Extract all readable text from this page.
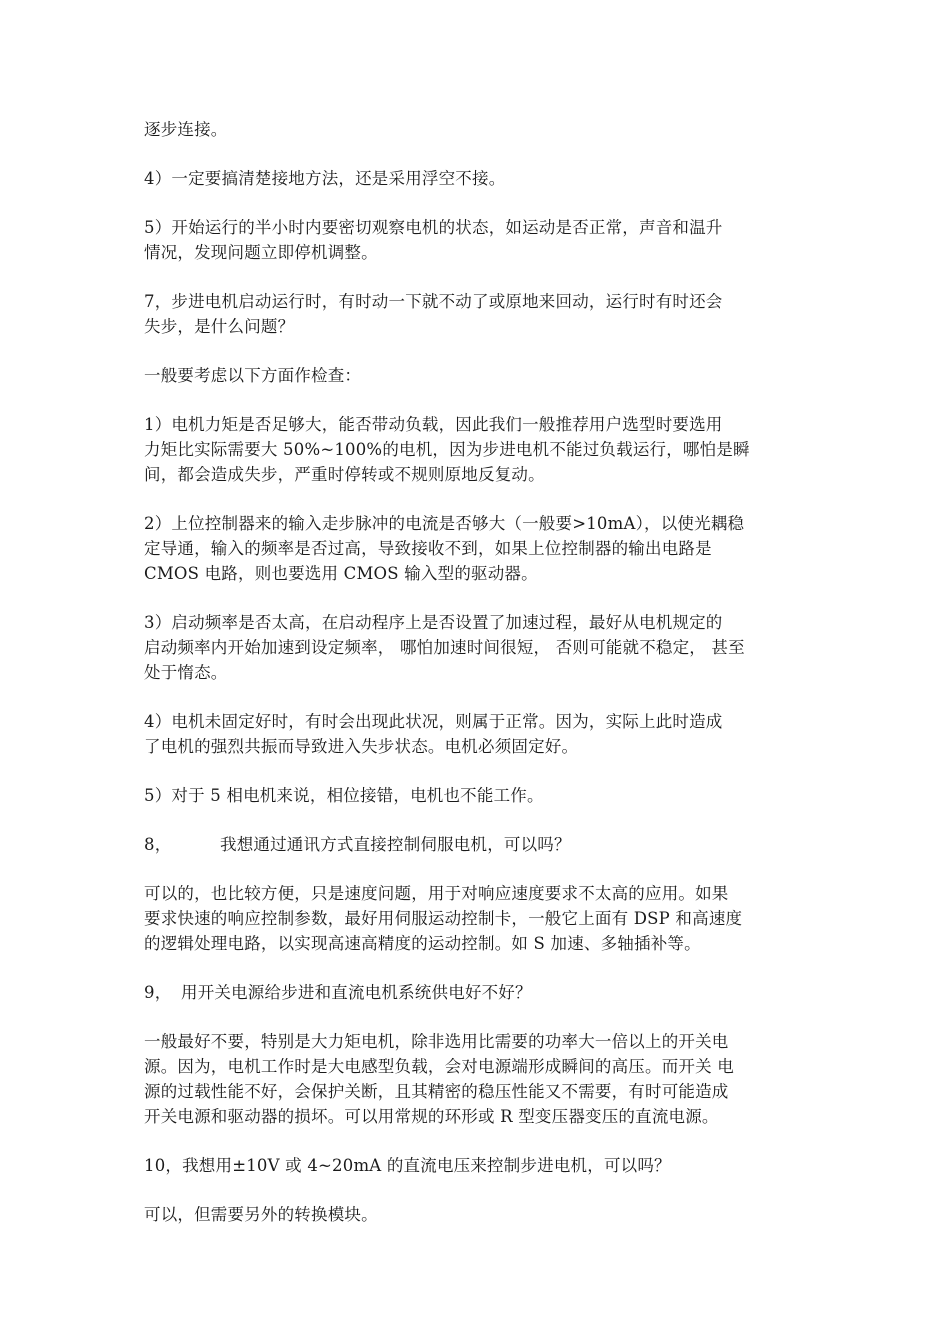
逐步连接。
4）一定要搞清楚接地方法，还是采用浮空不接。
5）开始运行的半小时内要密切观察电机的状态，如运动是否正常，声音和温升
情况，发现问题立即停机调整。
7，步进电机启动运行时，有时动一下就不动了或原地来回动，运行时有时还会
失步，是什么问题？
一般要考虑以下方面作检查：
1）电机力矩是否足够大，能否带动负载，因此我们一般推荐用户选型时要选用
力矩比实际需要大 50%~100%的电机，因为步进电机不能过负载运行，哪怕是瞬
间，都会造成失步，严重时停转或不规则原地反复动。
2）上位控制器来的输入走步脉冲的电流是否够大（一般要>10mA），以使光耦稳
定导通，输入的频率是否过高，导致接收不到，如果上位控制器的输出电路是
CMOS 电路，则也要选用 CMOS 输入型的驱动器。
3）启动频率是否太高，在启动程序上是否设置了加速过程，最好从电机规定的
启动频率内开始加速到设定频率， 哪怕加速时间很短， 否则可能就不稳定， 甚至
处于惰态。
4）电机未固定好时，有时会出现此状况，则属于正常。因为，实际上此时造成
了电机的强烈共振而导致进入失步状态。电机必须固定好。
5）对于 5 相电机来说，相位接错，电机也不能工作。
8，	我想通过通讯方式直接控制伺服电机，可以吗？
可以的，也比较方便，只是速度问题，用于对响应速度要求不太高的应用。如果
要求快速的响应控制参数，最好用伺服运动控制卡，一般它上面有 DSP 和高速度
的逻辑处理电路，以实现高速高精度的运动控制。如 S 加速、多轴插补等。
9， 用开关电源给步进和直流电机系统供电好不好？
一般最好不要，特别是大力矩电机，除非选用比需要的功率大一倍以上的开关电
源。因为，电机工作时是大电感型负载，会对电源端形成瞬间的高压。而开关 电
源的过载性能不好，会保护关断，且其精密的稳压性能又不需要，有时可能造成
开关电源和驱动器的损坏。可以用常规的环形或 R 型变压器变压的直流电源。
10，我想用±10V 或 4~20mA 的直流电压来控制步进电机，可以吗？
可以，但需要另外的转换模块。
